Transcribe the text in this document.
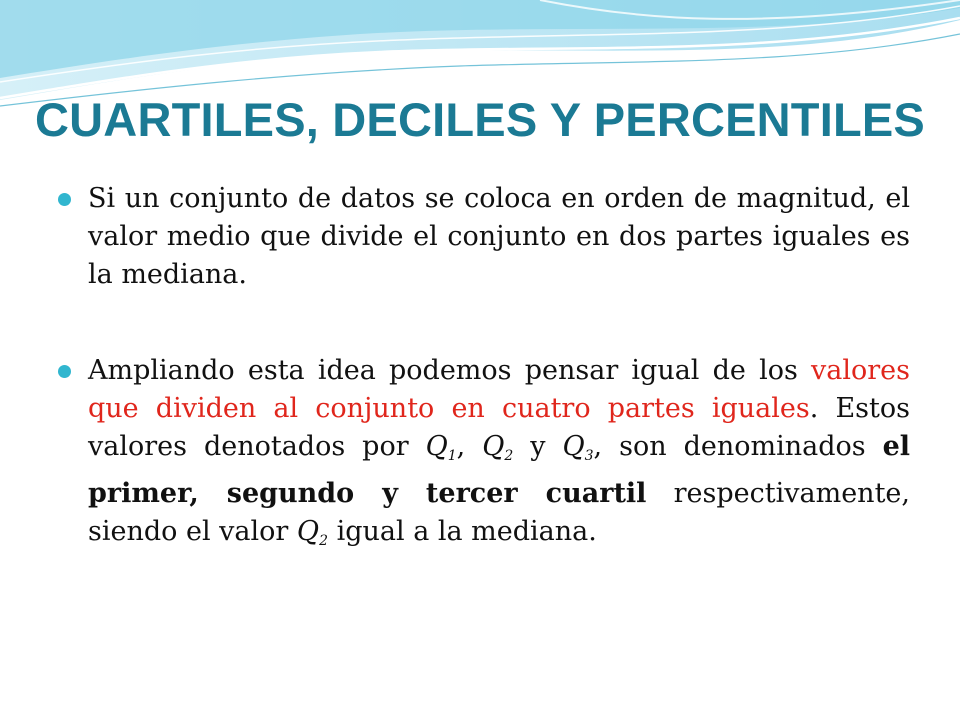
CUARTILES, DECILES Y PERCENTILES
Si un conjunto de datos se coloca en orden de magnitud, el valor medio que divide el conjunto en dos partes iguales es la mediana.
Ampliando esta idea podemos pensar igual de los valores que dividen al conjunto en cuatro partes iguales. Estos valores denotados por $Q_1$, $Q_2$ y $Q_3$, son denominados el primer, segundo y tercer cuartil respectivamente, siendo el valor $Q_2$ igual a la mediana.
